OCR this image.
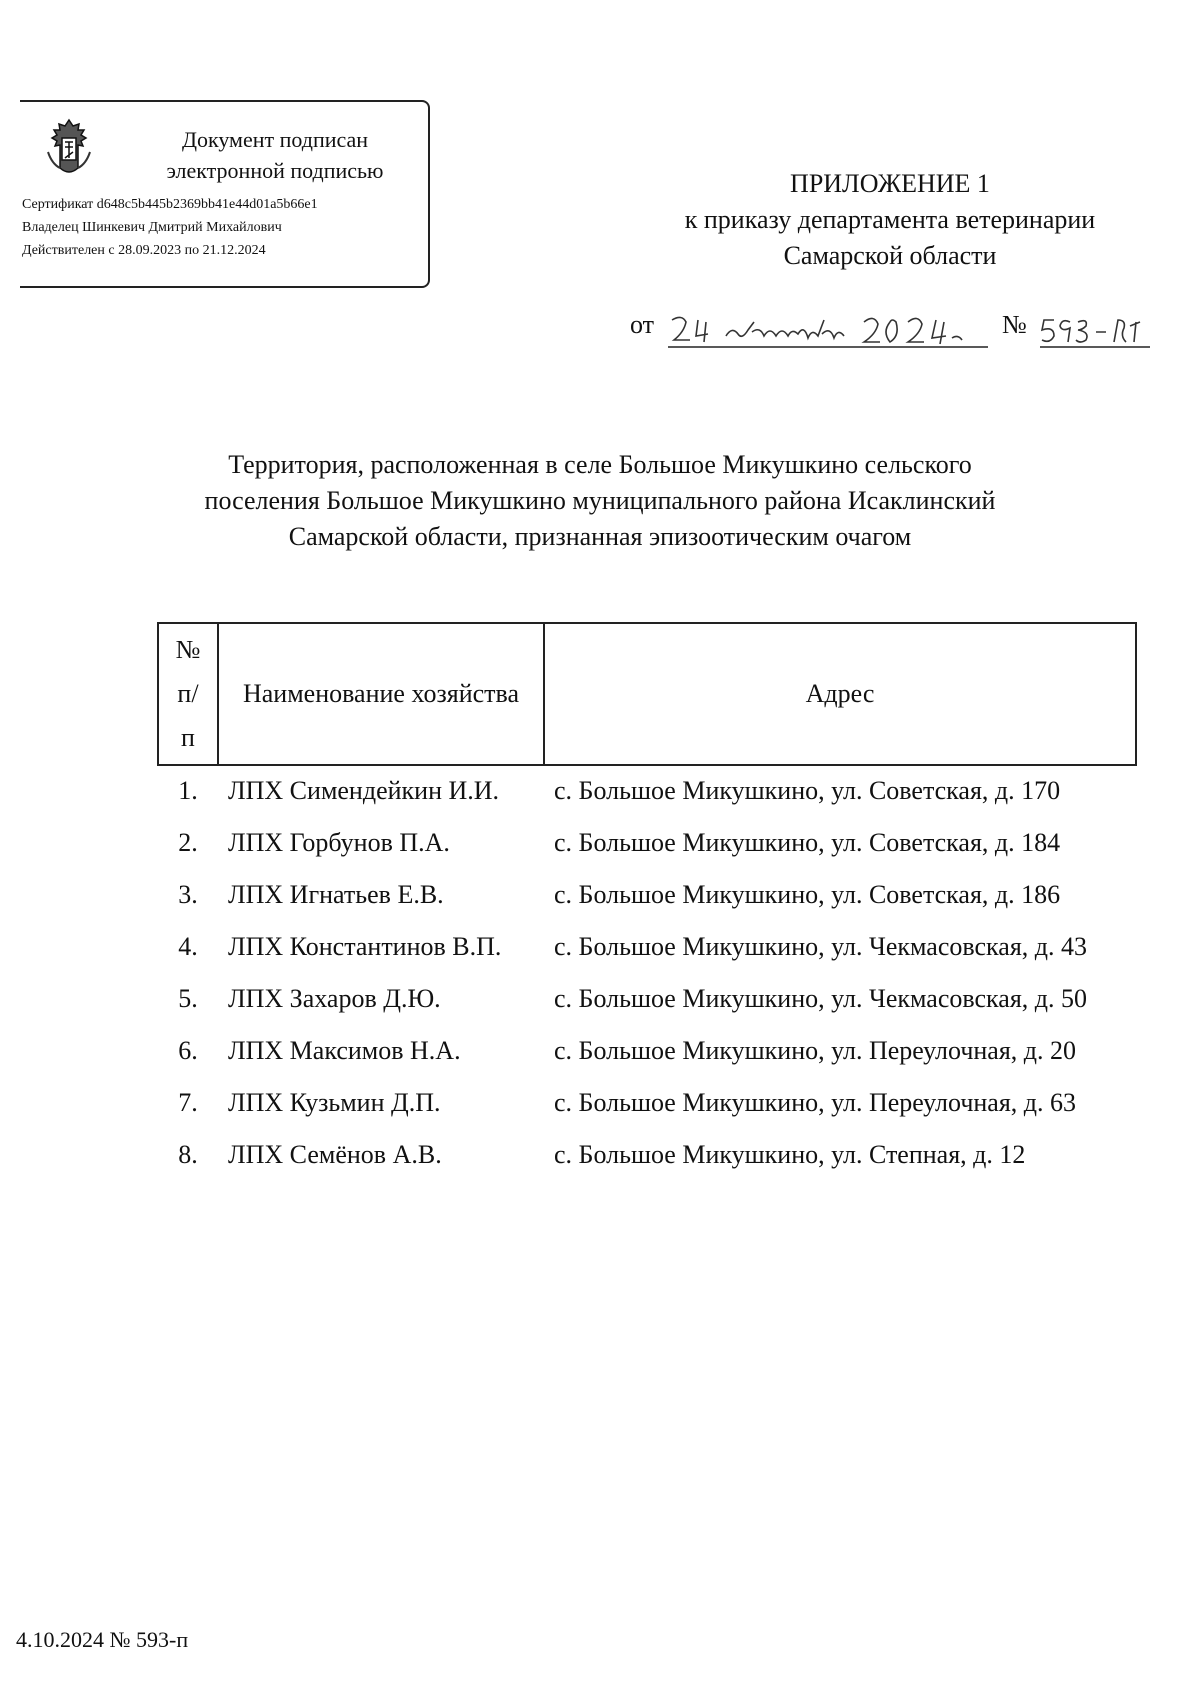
Документ подписан электронной подписью
Сертификат d648c5b445b2369bb41e44d01a5b66e1
Владелец Шинкевич Дмитрий Михайлович
Действителен с 28.09.2023 по 21.12.2024
ПРИЛОЖЕНИЕ 1
к приказу департамента ветеринарии
Самарской области
от	№
Территория, расположенная в селе Большое Микушкино сельского
поселения Большое Микушкино муниципального района Исаклинский
Самарской области, признанная эпизоотическим очагом
№
п/
п	Наименование хозяйства	Адрес
1.	ЛПХ Симендейкин И.И.	с. Большое Микушкино, ул. Советская, д. 170
2.	ЛПХ Горбунов П.А.	с. Большое Микушкино, ул. Советская, д. 184
3.	ЛПХ Игнатьев Е.В.	с. Большое Микушкино, ул. Советская, д. 186
4.	ЛПХ Константинов В.П.	с. Большое Микушкино, ул. Чекмасовская, д. 43
5.	ЛПХ Захаров Д.Ю.	с. Большое Микушкино, ул. Чекмасовская, д. 50
6.	ЛПХ Максимов Н.А.	с. Большое Микушкино, ул. Переулочная, д. 20
7.	ЛПХ Кузьмин Д.П.	с. Большое Микушкино, ул. Переулочная, д. 63
8.	ЛПХ Семёнов А.В.	с. Большое Микушкино, ул. Степная, д. 12
4.10.2024 № 593-п
